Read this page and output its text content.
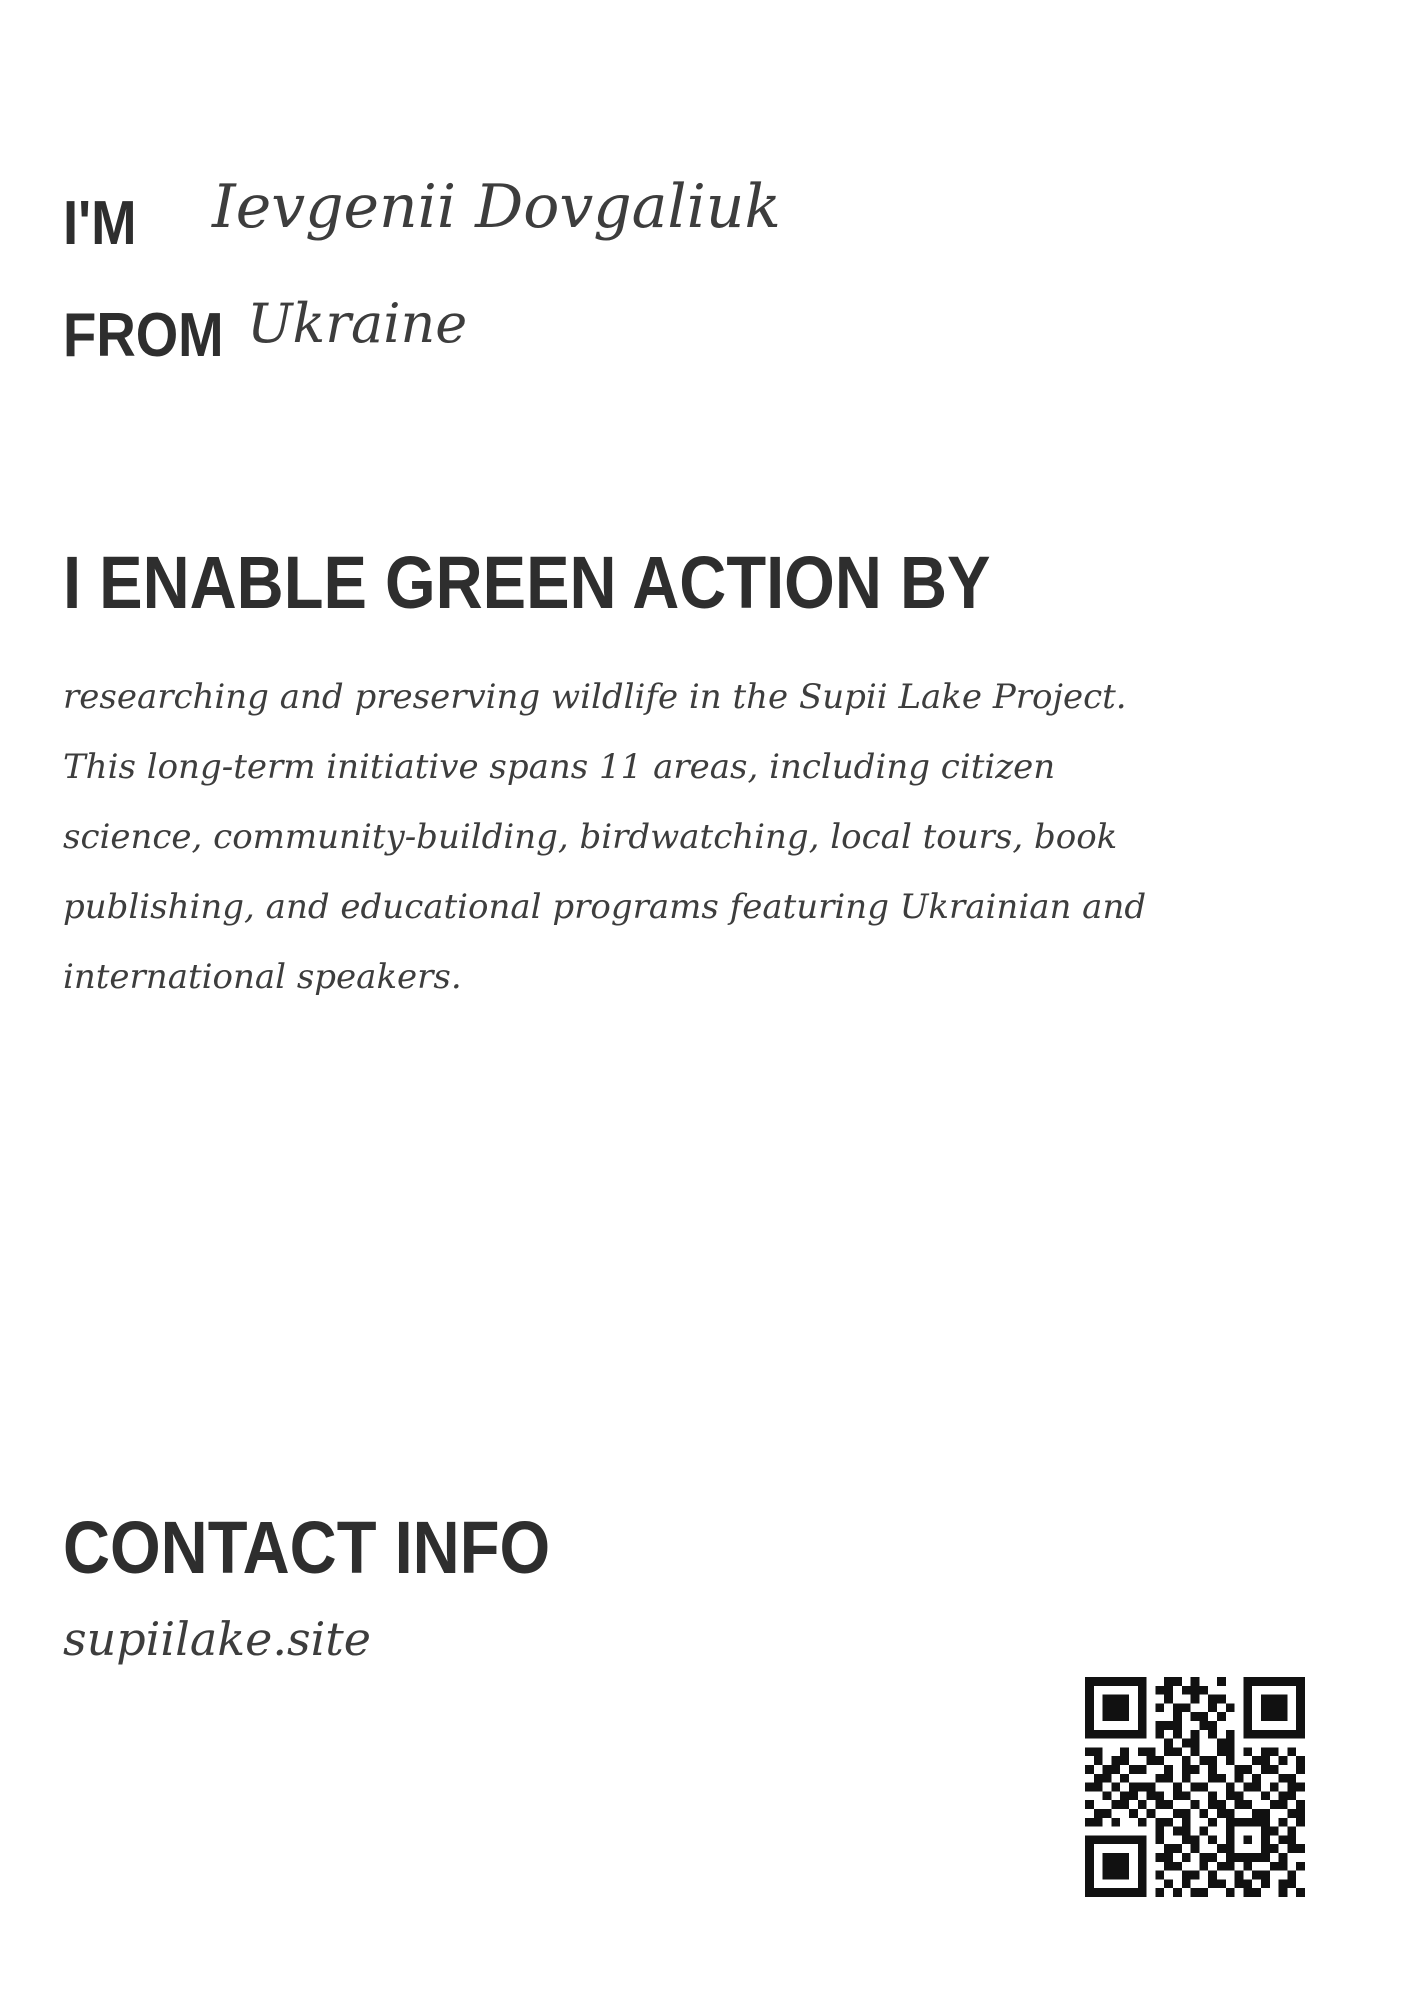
I'M Ievgenii Dovgaliuk
FROM Ukraine
I ENABLE GREEN ACTION BY
researching and preserving wildlife in the Supii Lake Project.
This long-term initiative spans 11 areas, including citizen
science, community-building, birdwatching, local tours, book
publishing, and educational programs featuring Ukrainian and
international speakers.
CONTACT INFO
supiilake.site
